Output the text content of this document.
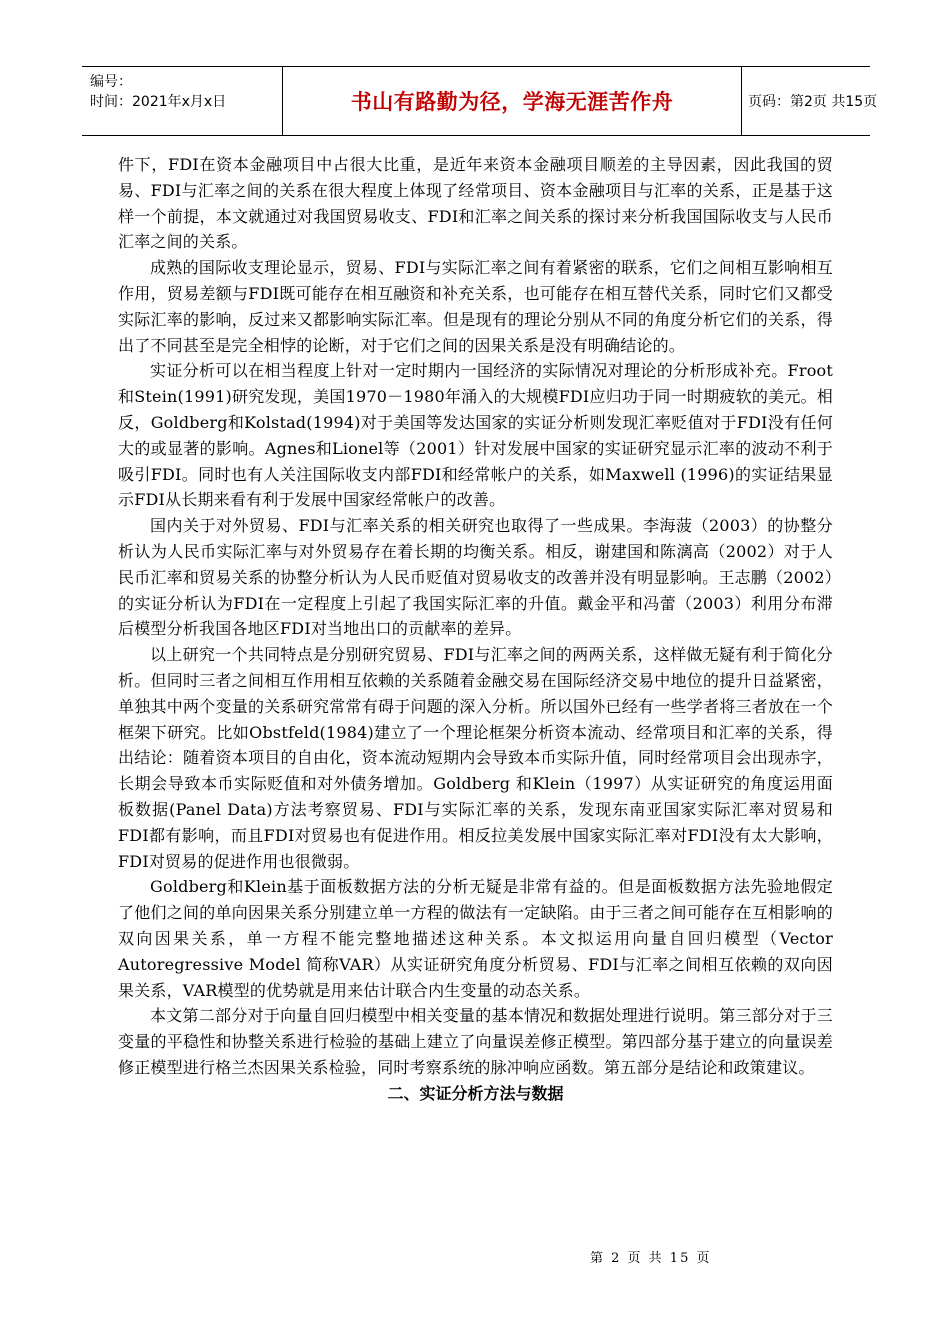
编号：
时间：2021年x月x日	书山有路勤为径，学海无涯苦作舟	页码：第2页 共15页

件下，FDI在资本金融项目中占很大比重，是近年来资本金融项目顺差的主导因素，因此我国的贸易、FDI与汇率之间的关系在很大程度上体现了经常项目、资本金融项目与汇率的关系，正是基于这样一个前提，本文就通过对我国贸易收支、FDI和汇率之间关系的探讨来分析我国国际收支与人民币汇率之间的关系。

成熟的国际收支理论显示，贸易、FDI与实际汇率之间有着紧密的联系，它们之间相互影响相互作用，贸易差额与FDI既可能存在相互融资和补充关系，也可能存在相互替代关系，同时它们又都受实际汇率的影响，反过来又都影响实际汇率。但是现有的理论分别从不同的角度分析它们的关系，得出了不同甚至是完全相悖的论断，对于它们之间的因果关系是没有明确结论的。

实证分析可以在相当程度上针对一定时期内一国经济的实际情况对理论的分析形成补充。Froot和Stein(1991)研究发现，美国1970－1980年涌入的大规模FDI应归功于同一时期疲软的美元。相反，Goldberg和Kolstad(1994)对于美国等发达国家的实证分析则发现汇率贬值对于FDI没有任何大的或显著的影响。Agnes和Lionel等（2001）针对发展中国家的实证研究显示汇率的波动不利于吸引FDI。同时也有人关注国际收支内部FDI和经常帐户的关系，如Maxwell (1996)的实证结果显示FDI从长期来看有利于发展中国家经常帐户的改善。

国内关于对外贸易、FDI与汇率关系的相关研究也取得了一些成果。李海菠（2003）的协整分析认为人民币实际汇率与对外贸易存在着长期的均衡关系。相反，谢建国和陈漓高（2002）对于人民币汇率和贸易关系的协整分析认为人民币贬值对贸易收支的改善并没有明显影响。王志鹏（2002）的实证分析认为FDI在一定程度上引起了我国实际汇率的升值。戴金平和冯蕾（2003）利用分布滞后模型分析我国各地区FDI对当地出口的贡献率的差异。

以上研究一个共同特点是分别研究贸易、FDI与汇率之间的两两关系，这样做无疑有利于简化分析。但同时三者之间相互作用相互依赖的关系随着金融交易在国际经济交易中地位的提升日益紧密，单独其中两个变量的关系研究常常有碍于问题的深入分析。所以国外已经有一些学者将三者放在一个框架下研究。比如Obstfeld(1984)建立了一个理论框架分析资本流动、经常项目和汇率的关系，得出结论：随着资本项目的自由化，资本流动短期内会导致本币实际升值，同时经常项目会出现赤字，长期会导致本币实际贬值和对外债务增加。Goldberg 和Klein（1997）从实证研究的角度运用面板数据(Panel Data)方法考察贸易、FDI与实际汇率的关系，发现东南亚国家实际汇率对贸易和FDI都有影响，而且FDI对贸易也有促进作用。相反拉美发展中国家实际汇率对FDI没有太大影响，FDI对贸易的促进作用也很微弱。

Goldberg和Klein基于面板数据方法的分析无疑是非常有益的。但是面板数据方法先验地假定了他们之间的单向因果关系分别建立单一方程的做法有一定缺陷。由于三者之间可能存在互相影响的双向因果关系，单一方程不能完整地描述这种关系。本文拟运用向量自回归模型（Vector Autoregressive Model 简称VAR）从实证研究角度分析贸易、FDI与汇率之间相互依赖的双向因果关系，VAR模型的优势就是用来估计联合内生变量的动态关系。

本文第二部分对于向量自回归模型中相关变量的基本情况和数据处理进行说明。第三部分对于三变量的平稳性和协整关系进行检验的基础上建立了向量误差修正模型。第四部分基于建立的向量误差修正模型进行格兰杰因果关系检验，同时考察系统的脉冲响应函数。第五部分是结论和政策建议。

二、实证分析方法与数据

第 2 页 共 15 页
